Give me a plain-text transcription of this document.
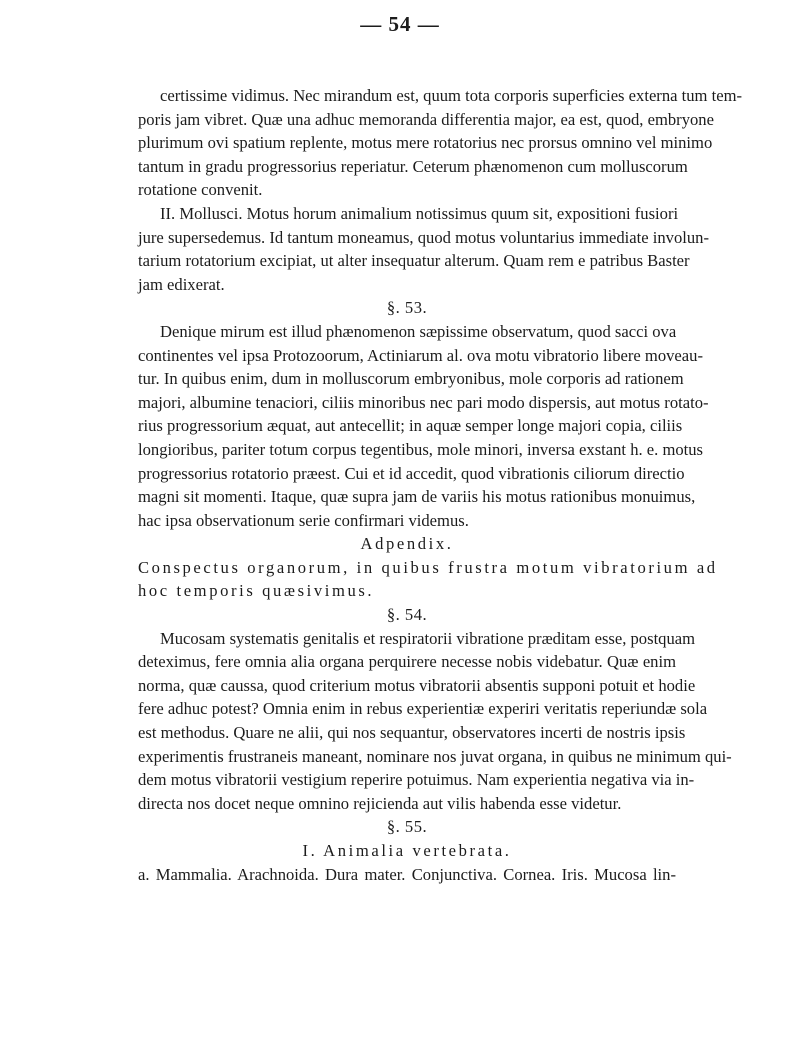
— 54 —
certissime vidimus. Nec mirandum est, quum tota corporis superficies externa tum tem-
poris jam vibret. Quæ una adhuc memoranda differentia major, ea est, quod, embryone
plurimum ovi spatium replente, motus mere rotatorius nec prorsus omnino vel minimo
tantum in gradu progressorius reperiatur. Ceterum phænomenon cum molluscorum
rotatione convenit.
II. Mollusci. Motus horum animalium notissimus quum sit, expositioni fusiori
jure supersedemus. Id tantum moneamus, quod motus voluntarius immediate involun-
tarium rotatorium excipiat, ut alter insequatur alterum. Quam rem e patribus Baster
jam edixerat.
§. 53.
Denique mirum est illud phænomenon sæpissime observatum, quod sacci ova
continentes vel ipsa Protozoorum, Actiniarum al. ova motu vibratorio libere moveau-
tur. In quibus enim, dum in molluscorum embryonibus, mole corporis ad rationem
majori, albumine tenaciori, ciliis minoribus nec pari modo dispersis, aut motus rotato-
rius progressorium æquat, aut antecellit; in aquæ semper longe majori copia, ciliis
longioribus, pariter totum corpus tegentibus, mole minori, inversa exstant h. e. motus
progressorius rotatorio præest. Cui et id accedit, quod vibrationis ciliorum directio
magni sit momenti. Itaque, quæ supra jam de variis his motus rationibus monuimus,
hac ipsa observationum serie confirmari videmus.
Adpendix.
Conspectus organorum, in quibus frustra motum vibratorium ad
hoc temporis quæsivimus.
§. 54.
Mucosam systematis genitalis et respiratorii vibratione præditam esse, postquam
deteximus, fere omnia alia organa perquirere necesse nobis videbatur. Quæ enim
norma, quæ caussa, quod criterium motus vibratorii absentis supponi potuit et hodie
fere adhuc potest? Omnia enim in rebus experientiæ experiri veritatis reperiundæ sola
est methodus. Quare ne alii, qui nos sequantur, observatores incerti de nostris ipsis
experimentis frustraneis maneant, nominare nos juvat organa, in quibus ne minimum qui-
dem motus vibratorii vestigium reperire potuimus. Nam experientia negativa via in-
directa nos docet neque omnino rejicienda aut vilis habenda esse videtur.
§. 55.
I. Animalia vertebrata.
a. Mammalia. Arachnoida. Dura mater. Conjunctiva. Cornea. Iris. Mucosa lin-
